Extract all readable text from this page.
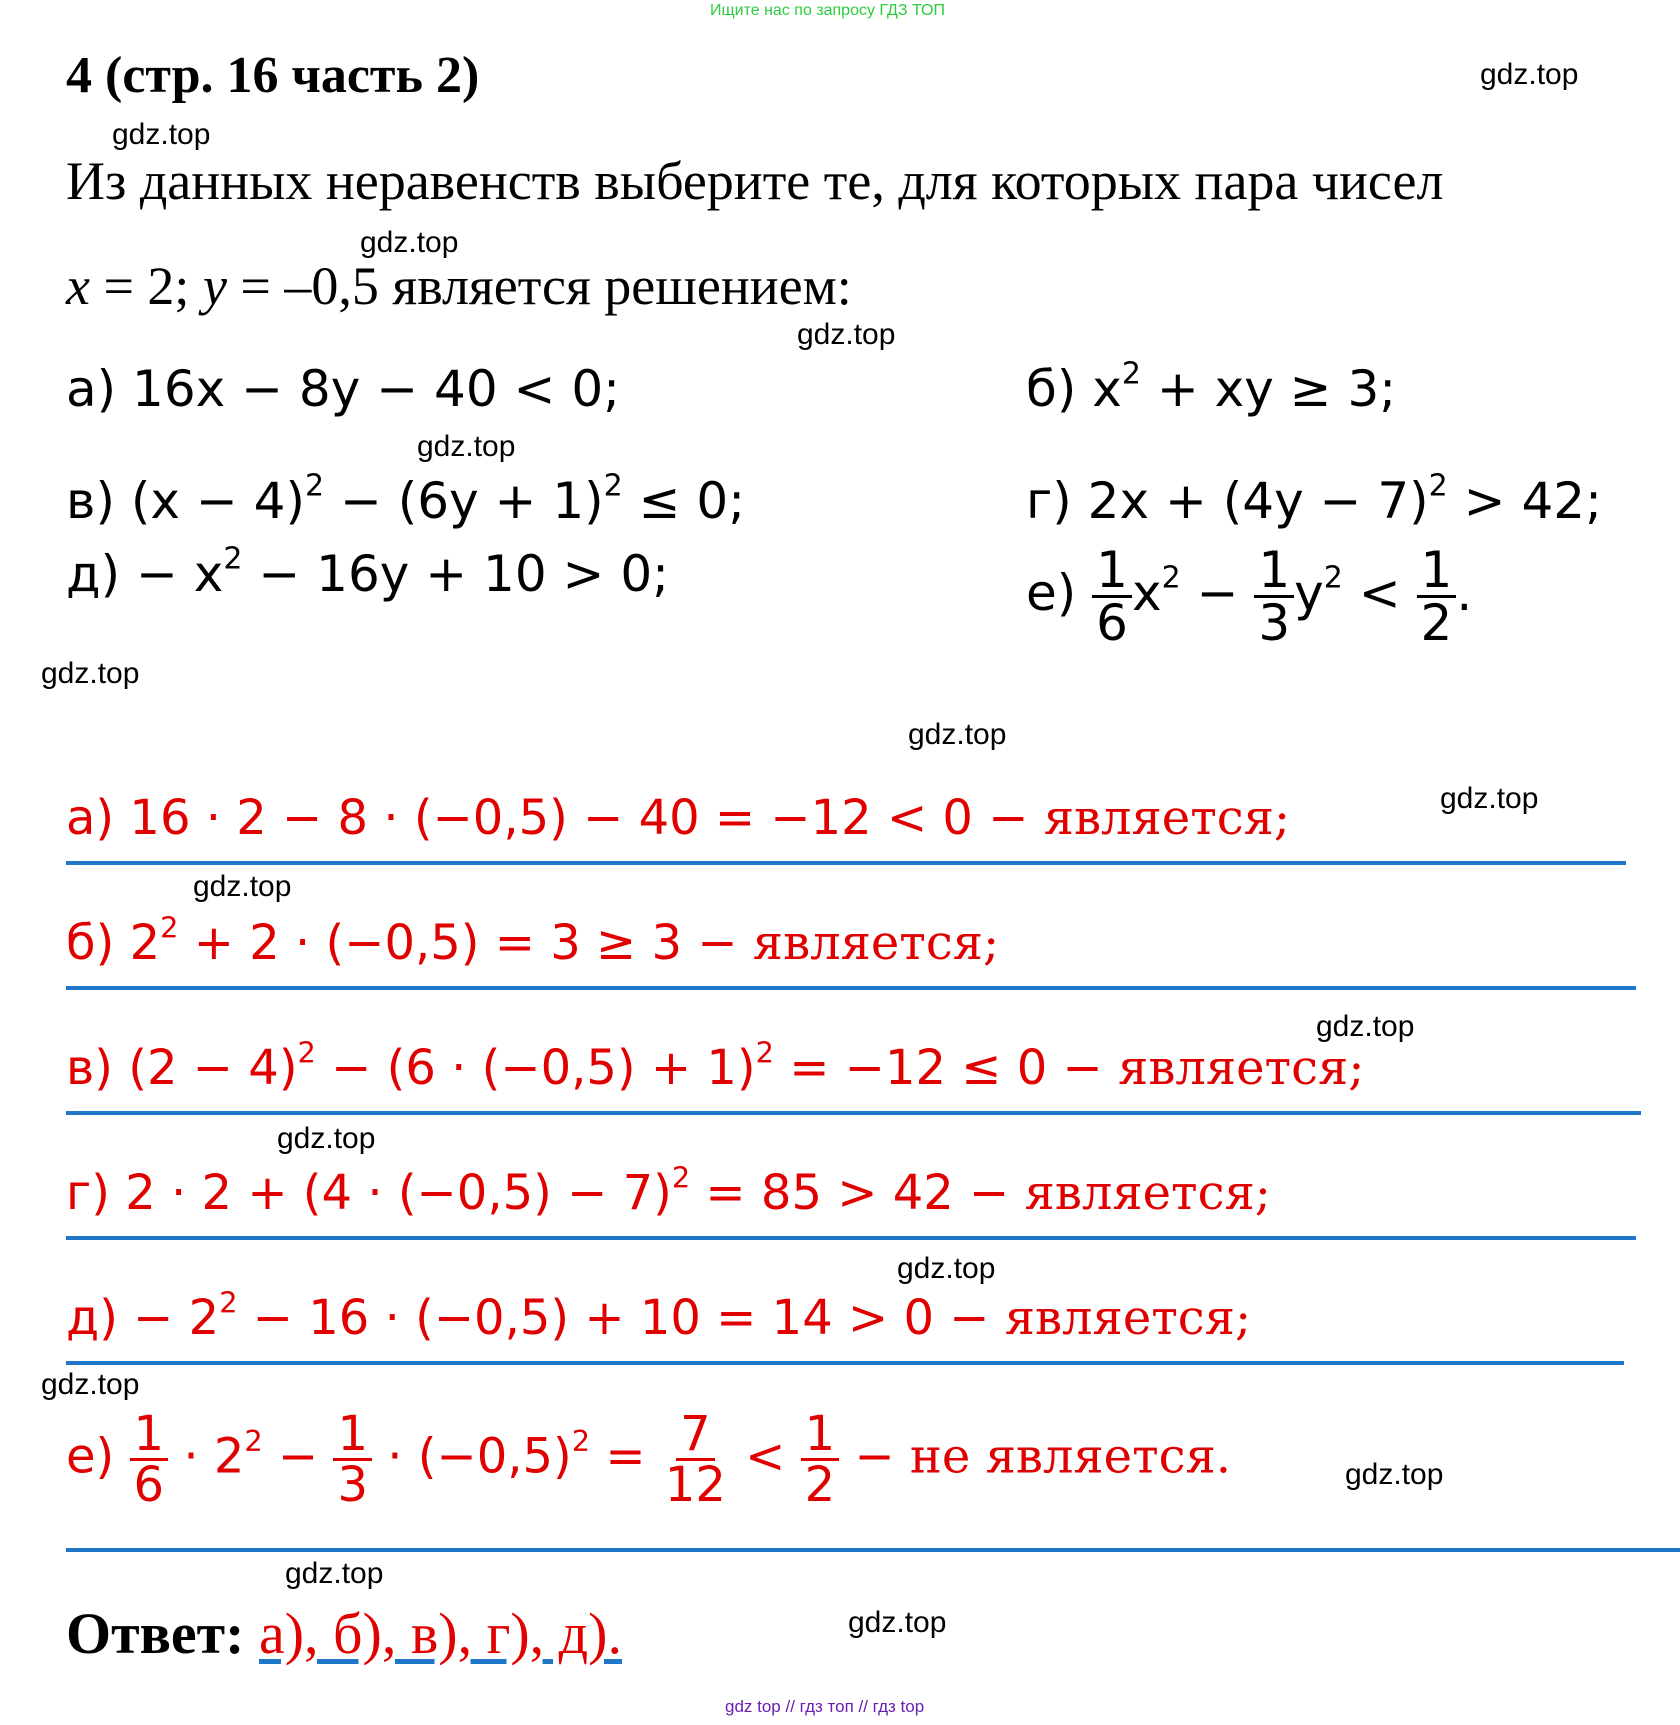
Ищите нас по запросу ГДЗ ТОП
4 (стр. 16 часть 2)
Из данных неравенств выберите те, для которых пара чисел
x = 2; y = –0,5 является решением:
а) 16x − 8y − 40 < 0;	б) $x^2$ + xy ≥ 3;
в) $(x - 4)^2 - (6y + 1)^2 \le 0$;	г) $2x + (4y - 7)^2 > 42$;
$д) - x^2 - 16y + 10 > 0$;	$е) \frac{1}{6} x^2 - \frac{1}{3} y^2 < \frac{1}{2}$ .
а) 16 · 2 − 8 · (−0,5) − 40 = −12 < 0 − является;
б) $2^2 + 2 \cdot (-0,5) = 3 \ge 3$ − является;
в) $(2 - 4)^2 - (6 \cdot (-0,5) + 1)^2 = -12 \le 0$ − является;
г) $2 \cdot 2 + (4 \cdot (-0,5) - 7)^2 = 85 > 42$ − является;
$д) - 2^2 - 16 \cdot (-0,5) + 10 = 14 > 0$ − является;
$е) \frac{1}{6} \cdot 2^2 - \frac{1}{3} \cdot (-0,5)^2 = \frac{7}{12} < \frac{1}{2}$ − не является.
Ответ: а), б), в), г), д).
gdz.top
gdz.top
gdz.top
gdz.top
gdz.top
gdz.top
gdz.top
gdz.top
gdz.top
gdz.top
gdz.top
gdz.top
gdz.top
gdz.top
gdz.top
gdz.top
gdz top // гдз топ // гдз top
